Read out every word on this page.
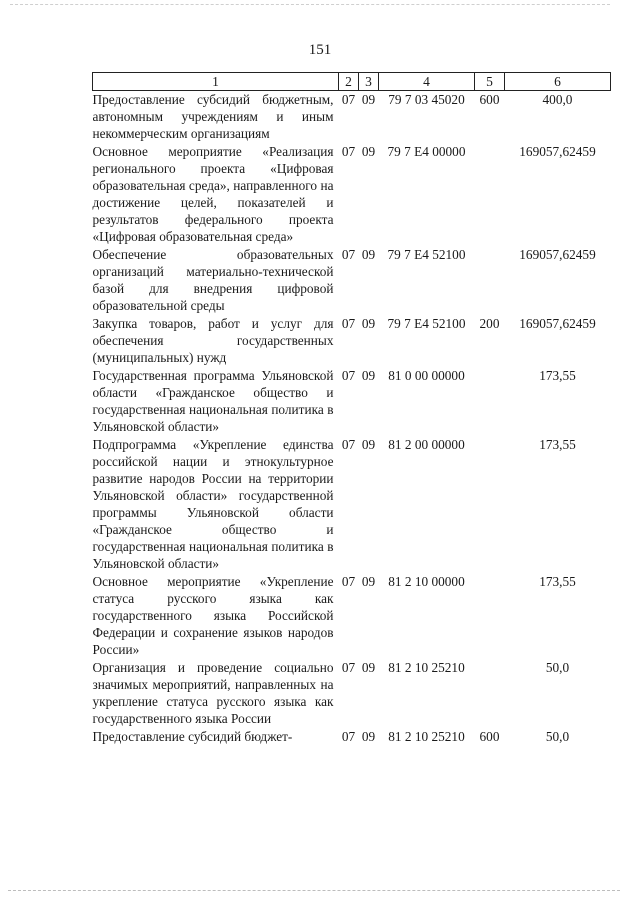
151
1	2	3	4	5	6
Предоставление субсидий бюджетным, автономным учреждениям и иным некоммерческим организациям	07	09	79 7 03 45020	600	400,0
Основное мероприятие «Реализация регионального проекта «Цифровая образовательная среда», направленного на достижение целей, показателей и результатов федерального проекта «Цифровая образовательная среда»	07	09	79 7 E4 00000		169057,62459
Обеспечение образовательных организаций материально-технической базой для внедрения цифровой образовательной среды	07	09	79 7 E4 52100		169057,62459
Закупка товаров, работ и услуг для обеспечения государственных (муниципальных) нужд	07	09	79 7 E4 52100	200	169057,62459
Государственная программа Ульяновской области «Гражданское общество и государственная национальная политика в Ульяновской области»	07	09	81 0 00 00000		173,55
Подпрограмма «Укрепление единства российской нации и этнокультурное развитие народов России на территории Ульяновской области» государственной программы Ульяновской области «Гражданское общество и государственная национальная политика в Ульяновской области»	07	09	81 2 00 00000		173,55
Основное мероприятие «Укрепление статуса русского языка как государственного языка Российской Федерации и сохранение языков народов России»	07	09	81 2 10 00000		173,55
Организация и проведение социально значимых мероприятий, направленных на укрепление статуса русского языка как государственного языка России	07	09	81 2 10 25210		50,0
Предоставление субсидий бюджет-	07	09	81 2 10 25210	600	50,0
